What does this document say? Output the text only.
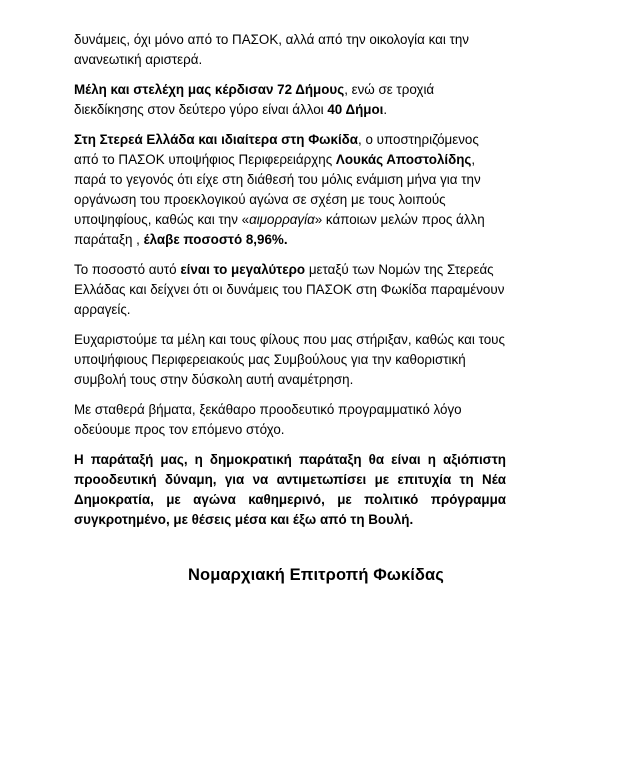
δυνάμεις, όχι μόνο από το ΠΑΣΟΚ, αλλά από την οικολογία και την ανανεωτική αριστερά.

Μέλη και στελέχη μας κέρδισαν 72 Δήμους, ενώ σε τροχιά διεκδίκησης στον δεύτερο γύρο είναι άλλοι 40 Δήμοι.

Στη Στερεά Ελλάδα και ιδιαίτερα στη Φωκίδα, ο υποστηριζόμενος από το ΠΑΣΟΚ υποψήφιος Περιφερειάρχης Λουκάς Αποστολίδης, παρά το γεγονός ότι είχε στη διάθεσή του μόλις ενάμιση μήνα για την οργάνωση του προεκλογικού αγώνα σε σχέση με τους λοιπούς υποψηφίους, καθώς και την «αιμορραγία» κάποιων μελών προς άλλη παράταξη , έλαβε ποσοστό 8,96%.

Το ποσοστό αυτό είναι το μεγαλύτερο μεταξύ των Νομών της Στερεάς Ελλάδας και δείχνει ότι οι δυνάμεις του ΠΑΣΟΚ στη Φωκίδα παραμένουν αρραγείς.

Ευχαριστούμε τα μέλη και τους φίλους που μας στήριξαν, καθώς και τους υποψήφιους Περιφερειακούς μας Συμβούλους για την καθοριστική συμβολή τους στην δύσκολη αυτή αναμέτρηση.

Με σταθερά βήματα, ξεκάθαρο προοδευτικό προγραμματικό λόγο οδεύουμε προς τον επόμενο στόχο.

Η παράταξή μας, η δημοκρατική παράταξη θα είναι η αξιόπιστη προοδευτική δύναμη, για να αντιμετωπίσει με επιτυχία τη Νέα Δημοκρατία, με αγώνα καθημερινό, με πολιτικό πρόγραμμα συγκροτημένο, με θέσεις μέσα και έξω από τη Βουλή.

Νομαρχιακή Επιτροπή Φωκίδας
